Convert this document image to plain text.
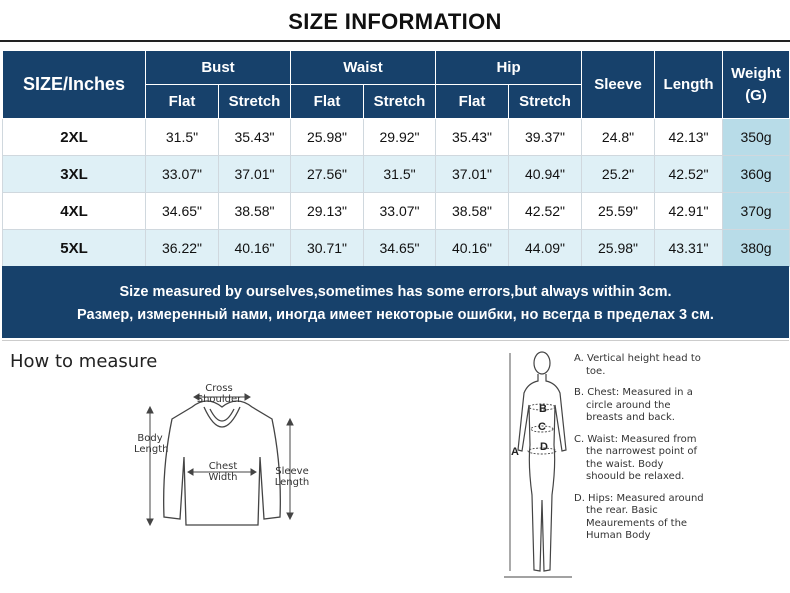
SIZE INFORMATION
SIZE/Inches	Bust		Waist		Hip		Sleeve	Length	Weight
(G)
	Flat	Stretch	Flat	Stretch	Flat	Stretch			
2XL	31.5"	35.43"	25.98"	29.92"	35.43"	39.37"	24.8"	42.13"	350g
3XL	33.07"	37.01"	27.56"	31.5"	37.01"	40.94"	25.2"	42.52"	360g
4XL	34.65"	38.58"	29.13"	33.07"	38.58"	42.52"	25.59"	42.91"	370g
5XL	36.22"	40.16"	30.71"	34.65"	40.16"	44.09"	25.98"	43.31"	380g
Size measured by ourselves,sometimes has some errors,but always within 3cm.
Размер, измеренный нами, иногда имеет некоторые ошибки, но всегда в пределах 3 см.
How to measure
Cross Shoulder
Body Length
Chest Width
Sleeve Length
B
C
D
A
A. Vertical height head to toe.
B. Chest: Measured in a circle around the breasts and back.
C. Waist: Measured from the narrowest point of the waist. Body shoould be relaxed.
D. Hips: Measured around the rear. Basic Meaurements of the Human Body
